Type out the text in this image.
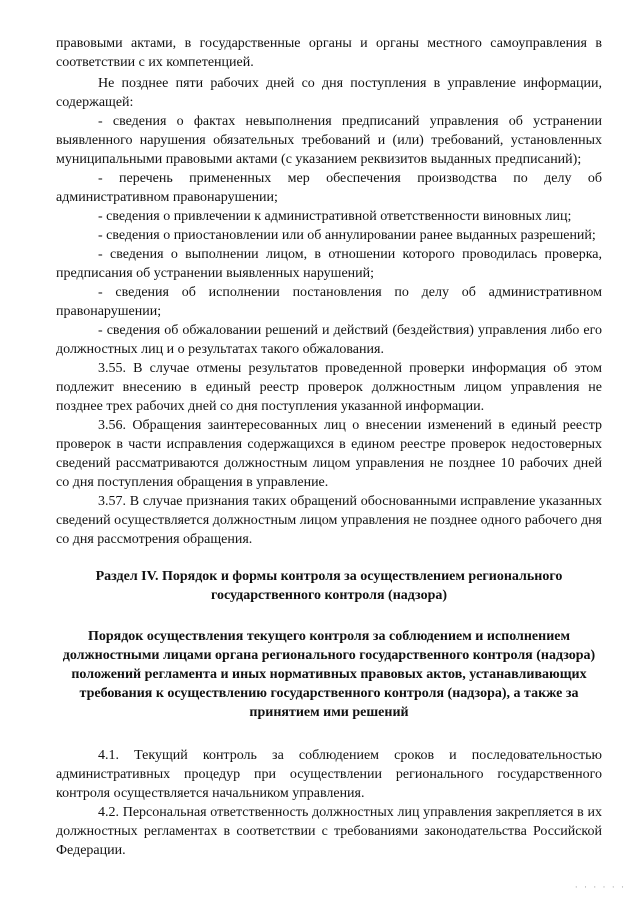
правовыми актами, в государственные органы и органы местного самоуправления в соответствии с их компетенцией.

Не позднее пяти рабочих дней со дня поступления в управление информации, содержащей:

- сведения о фактах невыполнения предписаний управления об устранении выявленного нарушения обязательных требований и (или) требований, установленных муниципальными правовыми актами (с указанием реквизитов выданных предписаний);

- перечень примененных мер обеспечения производства по делу об административном правонарушении;

- сведения о привлечении к административной ответственности виновных лиц;

- сведения о приостановлении или об аннулировании ранее выданных разрешений;

- сведения о выполнении лицом, в отношении которого проводилась проверка, предписания об устранении выявленных нарушений;

- сведения об исполнении постановления по делу об административном правонарушении;

- сведения об обжаловании решений и действий (бездействия) управления либо его должностных лиц и о результатах такого обжалования.

3.55. В случае отмены результатов проведенной проверки информация об этом подлежит внесению в единый реестр проверок должностным лицом управления не позднее трех рабочих дней со дня поступления указанной информации.

3.56. Обращения заинтересованных лиц о внесении изменений в единый реестр проверок в части исправления содержащихся в едином реестре проверок недостоверных сведений рассматриваются должностным лицом управления не позднее 10 рабочих дней со дня поступления обращения в управление.

3.57. В случае признания таких обращений обоснованными исправление указанных сведений осуществляется должностным лицом управления не позднее одного рабочего дня со дня рассмотрения обращения.

Раздел IV. Порядок и формы контроля за осуществлением регионального государственного контроля (надзора)
Порядок осуществления текущего контроля за соблюдением и исполнением должностными лицами органа регионального государственного контроля (надзора) положений регламента и иных нормативных правовых актов, устанавливающих требования к осуществлению государственного контроля (надзора), а также за принятием ими решений

4.1. Текущий контроль за соблюдением сроков и последовательностью административных процедур при осуществлении регионального государственного контроля осуществляется начальником управления.

4.2. Персональная ответственность должностных лиц управления закрепляется в их должностных регламентах в соответствии с требованиями законодательства Российской Федерации.

· · · · · ·
